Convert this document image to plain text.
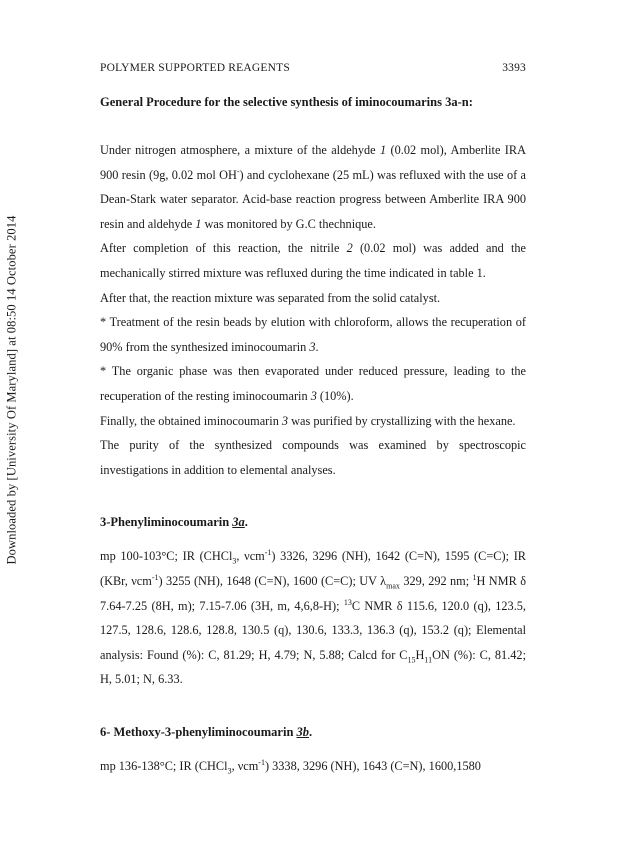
Downloaded by [University Of Maryland] at 08:50 14 October 2014
POLYMER SUPPORTED REAGENTS	3393
General Procedure for the selective synthesis of iminocoumarins 3a-n:
Under nitrogen atmosphere, a mixture of the aldehyde 1 (0.02 mol), Amberlite IRA 900 resin (9g, 0.02 mol OH-) and cyclohexane (25 mL) was refluxed with the use of a Dean-Stark water separator. Acid-base reaction progress between Amberlite IRA 900 resin and aldehyde 1 was monitored by G.C thechnique.
After completion of this reaction, the nitrile 2 (0.02 mol) was added and the mechanically stirred mixture was refluxed during the time indicated in table 1.
After that, the reaction mixture was separated from the solid catalyst.
* Treatment of the resin beads by elution with chloroform, allows the recuperation of 90% from the synthesized iminocoumarin 3.
* The organic phase was then evaporated under reduced pressure, leading to the recuperation of the resting iminocoumarin 3 (10%).
Finally, the obtained iminocoumarin 3 was purified by crystallizing with the hexane.
The purity of the synthesized compounds was examined by spectroscopic investigations in addition to elemental analyses.
3-Phenyliminocoumarin 3a.
mp 100-103°C; IR (CHCl$_3$, νcm$^{-1}$) 3326, 3296 (NH), 1642 (C=N), 1595 (C=C); IR (KBr, νcm$^{-1}$) 3255 (NH), 1648 (C=N), 1600 (C=C); UV $\lambda_{max}$ 329, 292 nm; $^1$H NMR δ 7.64-7.25 (8H, m); 7.15-7.06 (3H, m, 4,6,8-H); $^{13}$C NMR δ 115.6, 120.0 (q), 123.5, 127.5, 128.6, 128.6, 128.8, 130.5 (q), 130.6, 133.3, 136.3 (q), 153.2 (q); Elemental analysis: Found (%): C, 81.29; H, 4.79; N, 5.88; Calcd for $C_{15}H_{11}ON$ (%): C, 81.42; H, 5.01; N, 6.33.
6- Methoxy-3-phenyliminocoumarin 3b.
mp 136-138°C; IR (CHCl$_3$, νcm$^{-1}$) 3338, 3296 (NH), 1643 (C=N), 1600,1580
